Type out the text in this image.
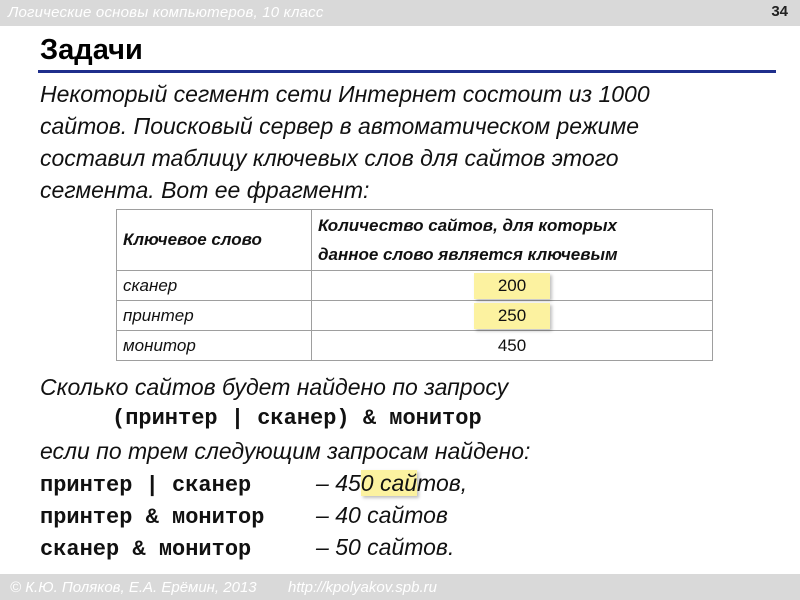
Логические основы компьютеров, 10 класс	34
Задачи
Некоторый сегмент сети Интернет состоит из 1000
сайтов. Поисковый сервер в автоматическом режиме
составил таблицу ключевых слов для сайтов этого
сегмента. Вот ее фрагмент:
Ключевое слово	Количество сайтов, для которых
данное слово является ключевым

сканер	200
принтер	250
монитор	450
Сколько сайтов будет найдено по запросу
(принтер | сканер) & монитор
если по трем следующим запросам найдено:
принтер | сканер	– 450 сайтов,
принтер & монитор – 40 сайтов
сканер & монитор	– 50 сайтов.
© К.Ю. Поляков, Е.А. Ерёмин, 2013 http://kpolyakov.spb.ru
